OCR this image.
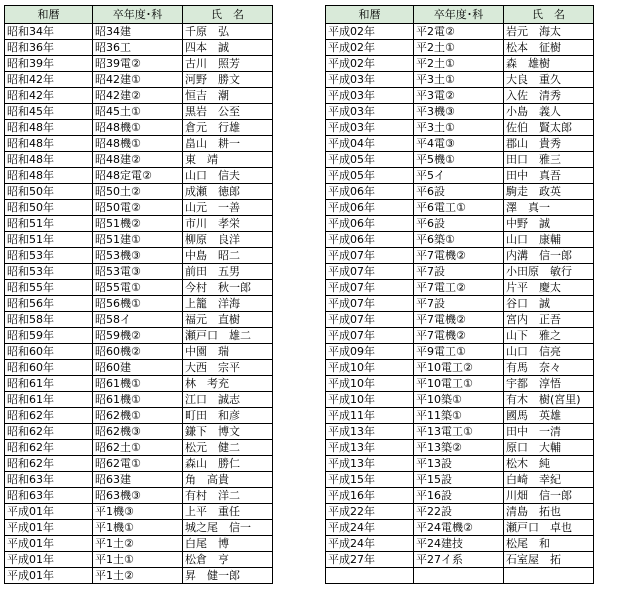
和暦	卒年度･科	氏　名
昭和34年	昭34建	千原　弘
昭和36年	昭36工	四本　誠
昭和39年	昭39電②	古川　照芳
昭和42年	昭42建①	河野　勝文
昭和42年	昭42建②	恒吉　潮
昭和45年	昭45土①	黒岩　公至
昭和48年	昭48機①	倉元　行雄
昭和48年	昭48機①	畠山　耕一
昭和48年	昭48建②	東　靖
昭和48年	昭48定電②	山口　信夫
昭和50年	昭50土②	成瀬　徳郎
昭和50年	昭50電②	山元　一善
昭和51年	昭51機②	市川　孝栄
昭和51年	昭51建①	柳原　良洋
昭和53年	昭53機③	中島　昭二
昭和53年	昭53電③	前田　五男
昭和55年	昭55電①	今村　秋一郎
昭和56年	昭56機①	上籠　洋海
昭和58年	昭58イ	福元　直樹
昭和59年	昭59機②	瀬戸口　雄二
昭和60年	昭60機②	中園　瑞
昭和60年	昭60建	大西　宗平
昭和61年	昭61機①	林　考充
昭和61年	昭61機①	江口　誠志
昭和62年	昭62機①	町田　和彦
昭和62年	昭62機③	鎌下　博文
昭和62年	昭62土①	松元　健二
昭和62年	昭62電①	森山　勝仁
昭和63年	昭63建	角　高貴
昭和63年	昭63機③	有村　洋二
平成01年	平1機③	上平　重任
平成01年	平1機①	城之尾　信一
平成01年	平1土②	白尾　博
平成01年	平1土①	松倉　亨
平成01年	平1土②	昇　健一郎
和暦	卒年度･科	氏　名
平成02年	平2電②	岩元　海太
平成02年	平2土①	松本　征樹
平成02年	平2土①	森　雄樹
平成03年	平3土①	大良　重久
平成03年	平3電②	入佐　清秀
平成03年	平3機③	小島　義人
平成03年	平3土①	佐伯　賢太郎
平成04年	平4電③	郡山　貴秀
平成05年	平5機①	田口　雅三
平成05年	平5イ	田中　真吾
平成06年	平6設	駒走　政英
平成06年	平6電工①	澤　真一
平成06年	平6設	中野　誠
平成06年	平6築①	山口　康輔
平成07年	平7電機②	内溝　信一郎
平成07年	平7設	小田原　敏行
平成07年	平7電工②	片平　慶太
平成07年	平7設	谷口　誠
平成07年	平7電機②	宮内　正吾
平成07年	平7電機②	山下　雅之
平成09年	平9電工①	山口　信亮
平成10年	平10電工②	有馬　奈々
平成10年	平10電工①	宇都　淳悟
平成10年	平10築①	有木　樹(宮里)
平成11年	平11築①	國馬　英雄
平成13年	平13電工①	田中　一清
平成13年	平13築②	原口　大輔
平成13年	平13設	松木　純
平成15年	平15設	白崎　幸紀
平成16年	平16設	川畑　信一郎
平成22年	平22設	清島　拓也
平成24年	平24電機②	瀬戸口　卓也
平成24年	平24建技	松尾　和
平成27年	平27イ系	石室屋　拓
